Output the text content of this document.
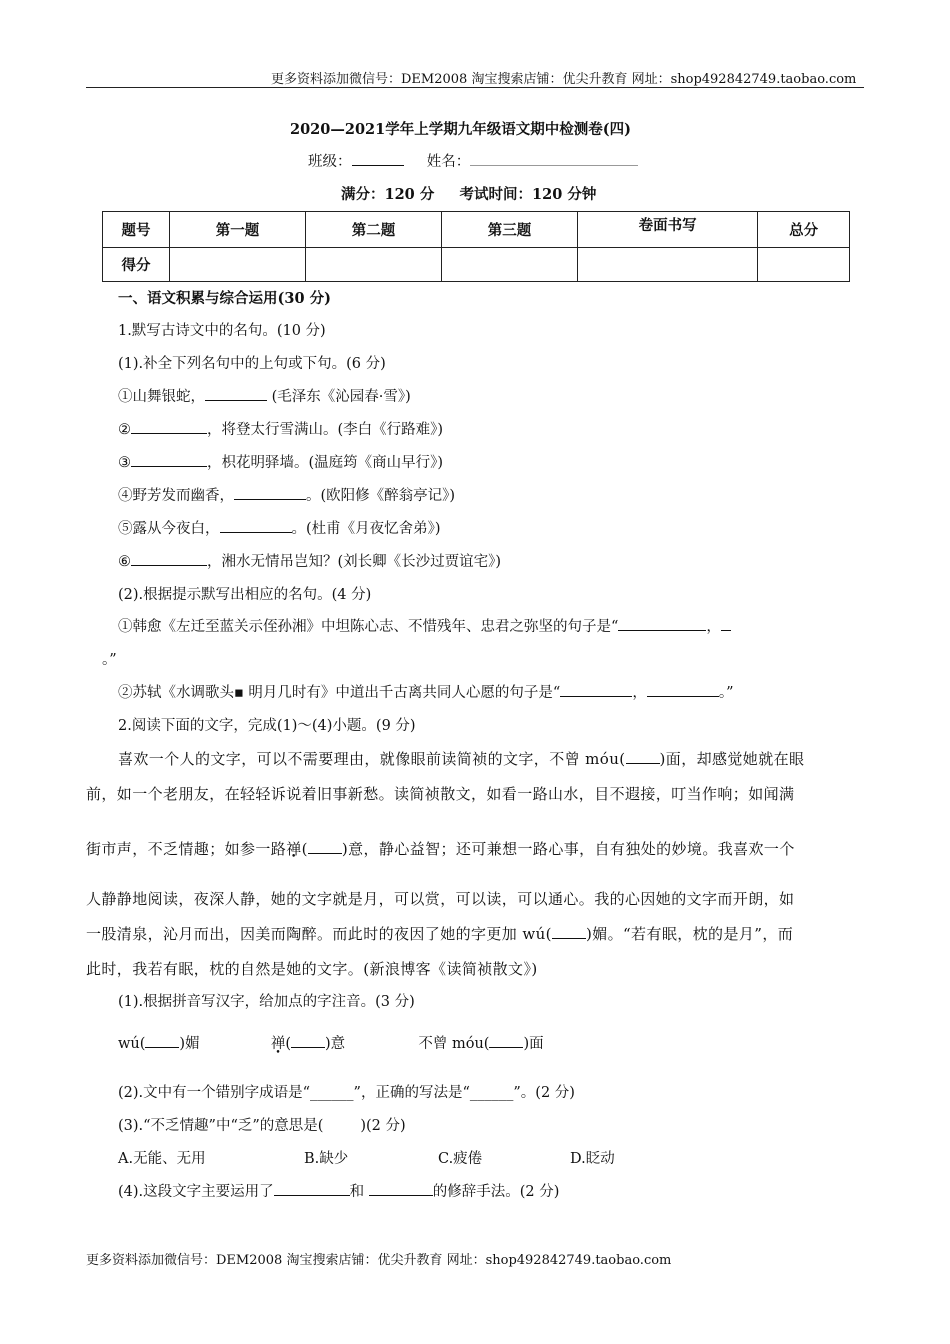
更多资料添加微信号：DEM2008 淘宝搜索店铺：优尖升教育 网址：shop492842749.taobao.com
2020—2021学年上学期九年级语文期中检测卷(四)
班级：	姓名：
满分：120 分     考试时间：120 分钟
题号	第一题	第二题	第三题	卷面书写	总分
得分					
一、语文积累与综合运用(30 分)
1.默写古诗文中的名句。(10 分)
(1).补全下列名句中的上句或下句。(6 分)
①山舞银蛇，	(毛泽东《沁园春·雪》)
②	，将登太行雪满山。(李白《行路难》)
③	，枳花明驿墙。(温庭筠《商山早行》)
④野芳发而幽香，	。(欧阳修《醉翁亭记》)
⑤露从今夜白，	。(杜甫《月夜忆舍弟》)
⑥	，湘水无情吊岂知？(刘长卿《长沙过贾谊宅》)
(2).根据提示默写出相应的名句。(4 分)
①韩愈《左迁至蓝关示侄孙湘》中坦陈心志、不惜残年、忠君之弥坚的句子是“	，
。”
②苏轼《水调歌头▪ 明月几时有》中道出千古离共同人心愿的句子是“	，	。”
2.阅读下面的文字，完成(1)～(4)小题。(9 分)
喜欢一个人的文字，可以不需要理由，就像眼前读简祯的文字，不曾 móu( )面，却感觉她就在眼
前，如一个老朋友，在轻轻诉说着旧事新愁。读简祯散文，如看一路山水，目不遐接，叮当作响；如闻满
街市声，不乏情趣；如参一路禅( )意，静心益智；还可兼想一路心事，自有独处的妙境。我喜欢一个
人静静地阅读，夜深人静，她的文字就是月，可以赏，可以读，可以通心。我的心因她的文字而开朗，如
一股清泉，沁月而出，因美而陶醉。而此时的夜因了她的字更加 wú( )媚。“若有眠，枕的是月”，而
此时，我若有眠，枕的自然是她的文字。(新浪博客《读简祯散文》)
(1).根据拼音写汉字，给加点的字注音。(3 分)
wú( )媚	禅( )意	不曾 móu( )面
(2).文中有一个错别字成语是“______”，正确的写法是“______”。(2 分)
(3).“不乏情趣”中“乏”的意思是(        )(2 分)
A.无能、无用	B.缺少	C.疲倦	D.眨动
(4).这段文字主要运用了	和	的修辞手法。(2 分)
更多资料添加微信号：DEM2008 淘宝搜索店铺：优尖升教育 网址：shop492842749.taobao.com
